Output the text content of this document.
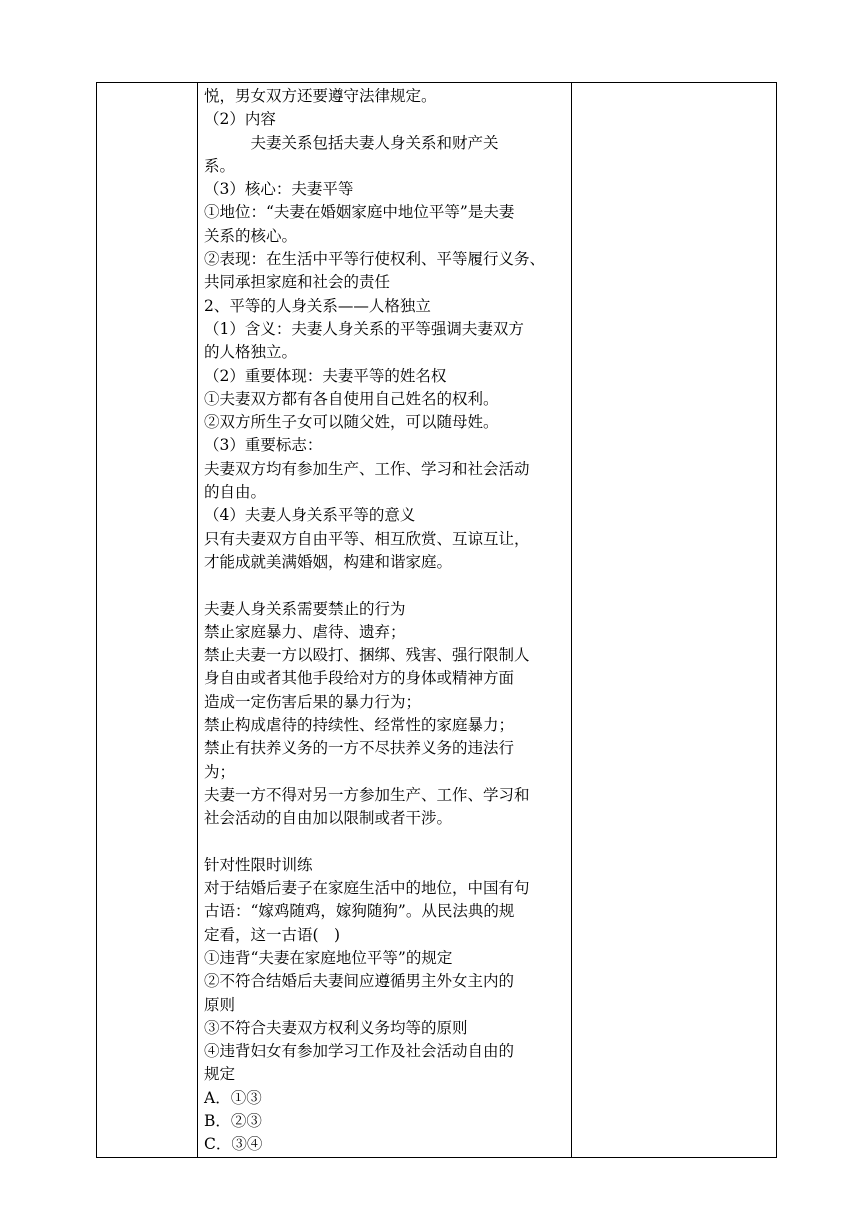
悦，男女双方还要遵守法律规定。
（2）内容
　　　夫妻关系包括夫妻人身关系和财产关
系。
（3）核心：夫妻平等
①地位：“夫妻在婚姻家庭中地位平等”是夫妻
关系的核心。
②表现：在生活中平等行使权利、平等履行义务、
共同承担家庭和社会的责任
2、平等的人身关系——人格独立
（1）含义：夫妻人身关系的平等强调夫妻双方
的人格独立。
（2）重要体现：夫妻平等的姓名权
①夫妻双方都有各自使用自己姓名的权利。
②双方所生子女可以随父姓，可以随母姓。
（3）重要标志：
夫妻双方均有参加生产、工作、学习和社会活动
的自由。
（4）夫妻人身关系平等的意义
只有夫妻双方自由平等、相互欣赏、互谅互让，
才能成就美满婚姻，构建和谐家庭。
夫妻人身关系需要禁止的行为
禁止家庭暴力、虐待、遗弃；
禁止夫妻一方以殴打、捆绑、残害、强行限制人
身自由或者其他手段给对方的身体或精神方面
造成一定伤害后果的暴力行为；
禁止构成虐待的持续性、经常性的家庭暴力；
禁止有扶养义务的一方不尽扶养义务的违法行
为；
夫妻一方不得对另一方参加生产、工作、学习和
社会活动的自由加以限制或者干涉。
针对性限时训练
对于结婚后妻子在家庭生活中的地位，中国有句
古语：“嫁鸡随鸡，嫁狗随狗”。从民法典的规
定看，这一古语(　)
①违背“夫妻在家庭地位平等”的规定
②不符合结婚后夫妻间应遵循男主外女主内的
原则
③不符合夫妻双方权利义务均等的原则
④违背妇女有参加学习工作及社会活动自由的
规定
A．①③
B．②③
C．③④
